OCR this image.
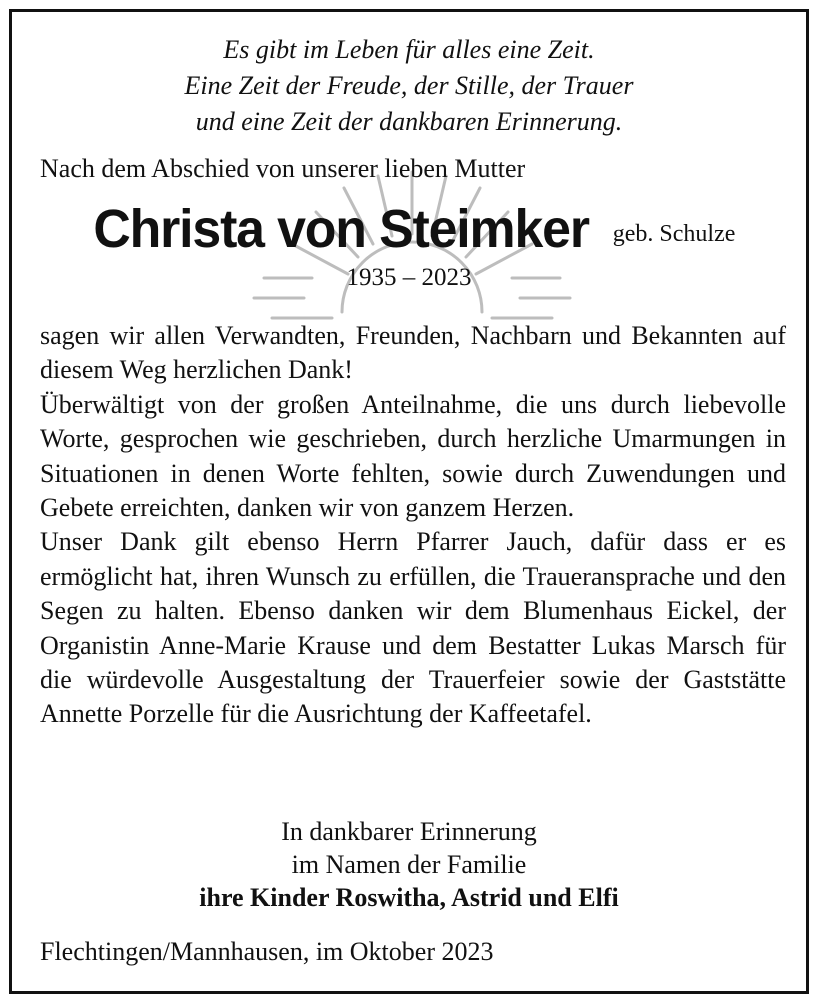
Es gibt im Leben für alles eine Zeit.
Eine Zeit der Freude, der Stille, der Trauer
und eine Zeit der dankbaren Erinnerung.
Nach dem Abschied von unserer lieben Mutter
Christa von Steimker geb. Schulze
1935 – 2023

sagen wir allen Verwandten, Freunden, Nachbarn und Bekannten auf diesem Weg herzlichen Dank!

Überwältigt von der großen Anteilnahme, die uns durch liebevolle Worte, gesprochen wie geschrieben, durch herzliche Umarmungen in Situationen in denen Worte fehlten, sowie durch Zuwendungen und Gebete erreichten, danken wir von ganzem Herzen.

Unser Dank gilt ebenso Herrn Pfarrer Jauch, dafür dass er es ermöglicht hat, ihren Wunsch zu erfüllen, die Traueransprache und den Segen zu halten. Ebenso danken wir dem Blumenhaus Eickel, der Organistin Anne-Marie Krause und dem Bestatter Lukas Marsch für die würdevolle Ausgestaltung der Trauerfeier sowie der Gaststätte Annette Porzelle für die Ausrichtung der Kaffeetafel.

In dankbarer Erinnerung
im Namen der Familie
ihre Kinder Roswitha, Astrid und Elfi
Flechtingen/Mannhausen, im Oktober 2023
